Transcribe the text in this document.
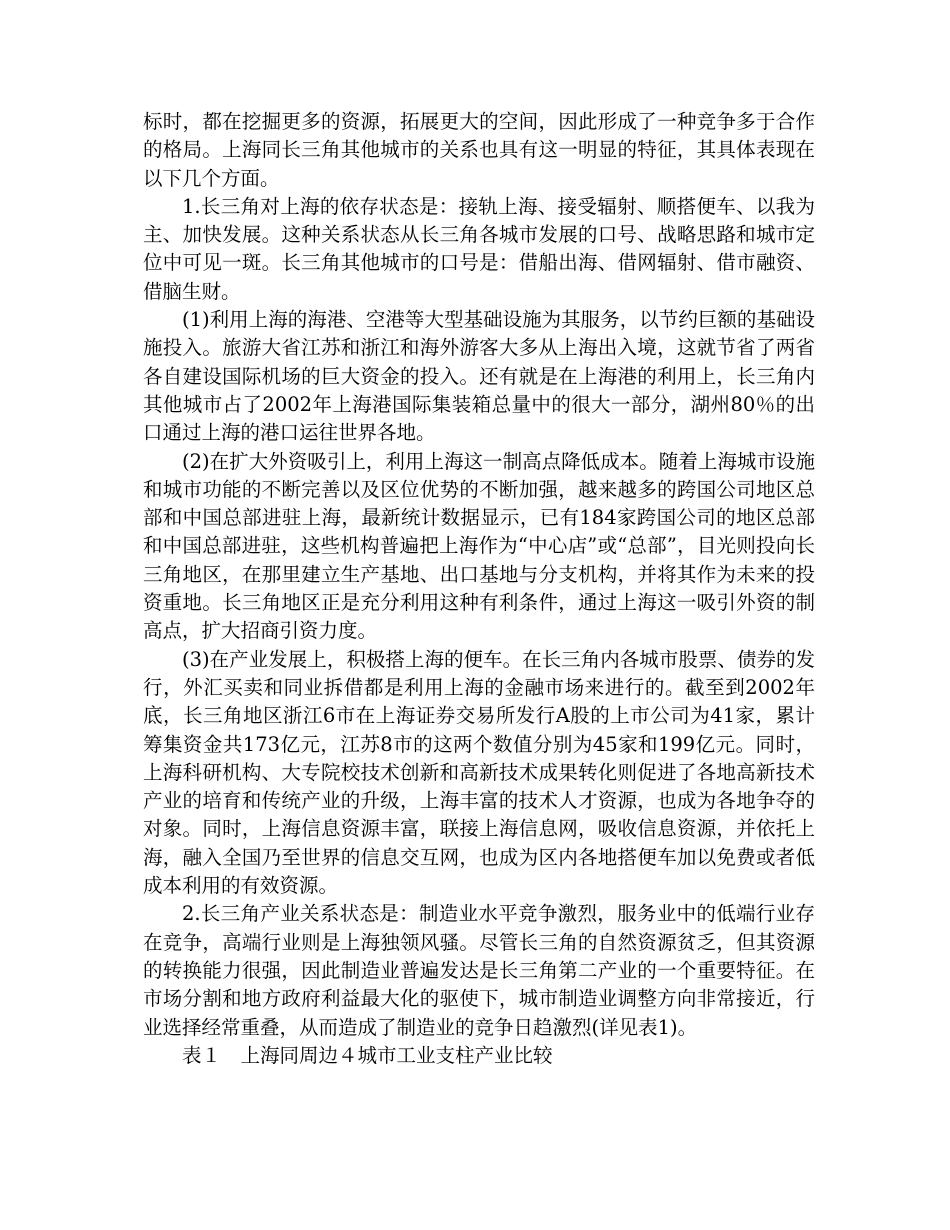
标时，都在挖掘更多的资源，拓展更大的空间，因此形成了一种竞争多于合作的格局。上海同长三角其他城市的关系也具有这一明显的特征，其具体表现在以下几个方面。

1.长三角对上海的依存状态是：接轨上海、接受辐射、顺搭便车、以我为主、加快发展。这种关系状态从长三角各城市发展的口号、战略思路和城市定位中可见一斑。长三角其他城市的口号是：借船出海、借网辐射、借市融资、借脑生财。

(1)利用上海的海港、空港等大型基础设施为其服务，以节约巨额的基础设施投入。旅游大省江苏和浙江和海外游客大多从上海出入境，这就节省了两省各自建设国际机场的巨大资金的投入。还有就是在上海港的利用上，长三角内其他城市占了2002年上海港国际集装箱总量中的很大一部分，湖州80％的出口通过上海的港口运往世界各地。

(2)在扩大外资吸引上，利用上海这一制高点降低成本。随着上海城市设施和城市功能的不断完善以及区位优势的不断加强，越来越多的跨国公司地区总部和中国总部进驻上海，最新统计数据显示，已有184家跨国公司的地区总部和中国总部进驻，这些机构普遍把上海作为“中心店”或“总部”，目光则投向长三角地区，在那里建立生产基地、出口基地与分支机构，并将其作为未来的投资重地。长三角地区正是充分利用这种有利条件，通过上海这一吸引外资的制高点，扩大招商引资力度。

(3)在产业发展上，积极搭上海的便车。在长三角内各城市股票、债券的发行，外汇买卖和同业拆借都是利用上海的金融市场来进行的。截至到2002年底，长三角地区浙江6市在上海证券交易所发行A股的上市公司为41家，累计筹集资金共173亿元，江苏8市的这两个数值分别为45家和199亿元。同时，上海科研机构、大专院校技术创新和高新技术成果转化则促进了各地高新技术产业的培育和传统产业的升级，上海丰富的技术人才资源，也成为各地争夺的对象。同时，上海信息资源丰富，联接上海信息网，吸收信息资源，并依托上海，融入全国乃至世界的信息交互网，也成为区内各地搭便车加以免费或者低成本利用的有效资源。

2.长三角产业关系状态是：制造业水平竞争激烈，服务业中的低端行业存在竞争，高端行业则是上海独领风骚。尽管长三角的自然资源贫乏，但其资源的转换能力很强，因此制造业普遍发达是长三角第二产业的一个重要特征。在市场分割和地方政府利益最大化的驱使下，城市制造业调整方向非常接近，行业选择经常重叠，从而造成了制造业的竞争日趋激烈(详见表1)。

表１　上海同周边４城市工业支柱产业比较
